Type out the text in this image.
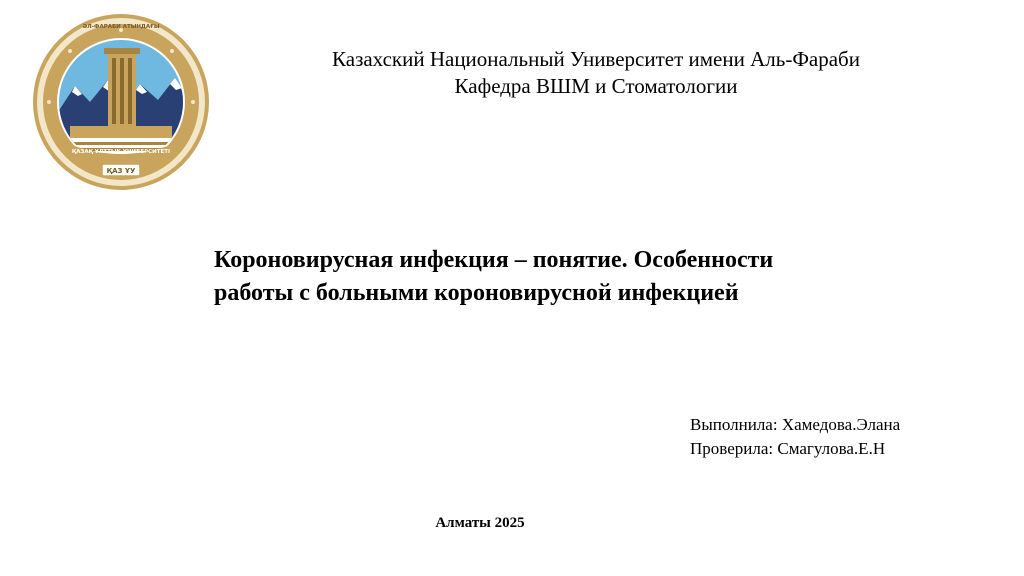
ҚАЗ ҰУ
ҚАЗАҚ ҰЛТТЫҚ УНИВЕРСИТЕТІ
ӘЛ-ФАРАБИ АТЫНДАҒЫ
Казахский Национальный Университет имени Аль-Фараби
Кафедра ВШМ и Стоматологии
Короновирусная инфекция – понятие. Особенности
работы с больными короновирусной инфекцией
Выполнила: Хамедова.Элана
Проверила: Смагулова.Е.Н
Алматы 2025
